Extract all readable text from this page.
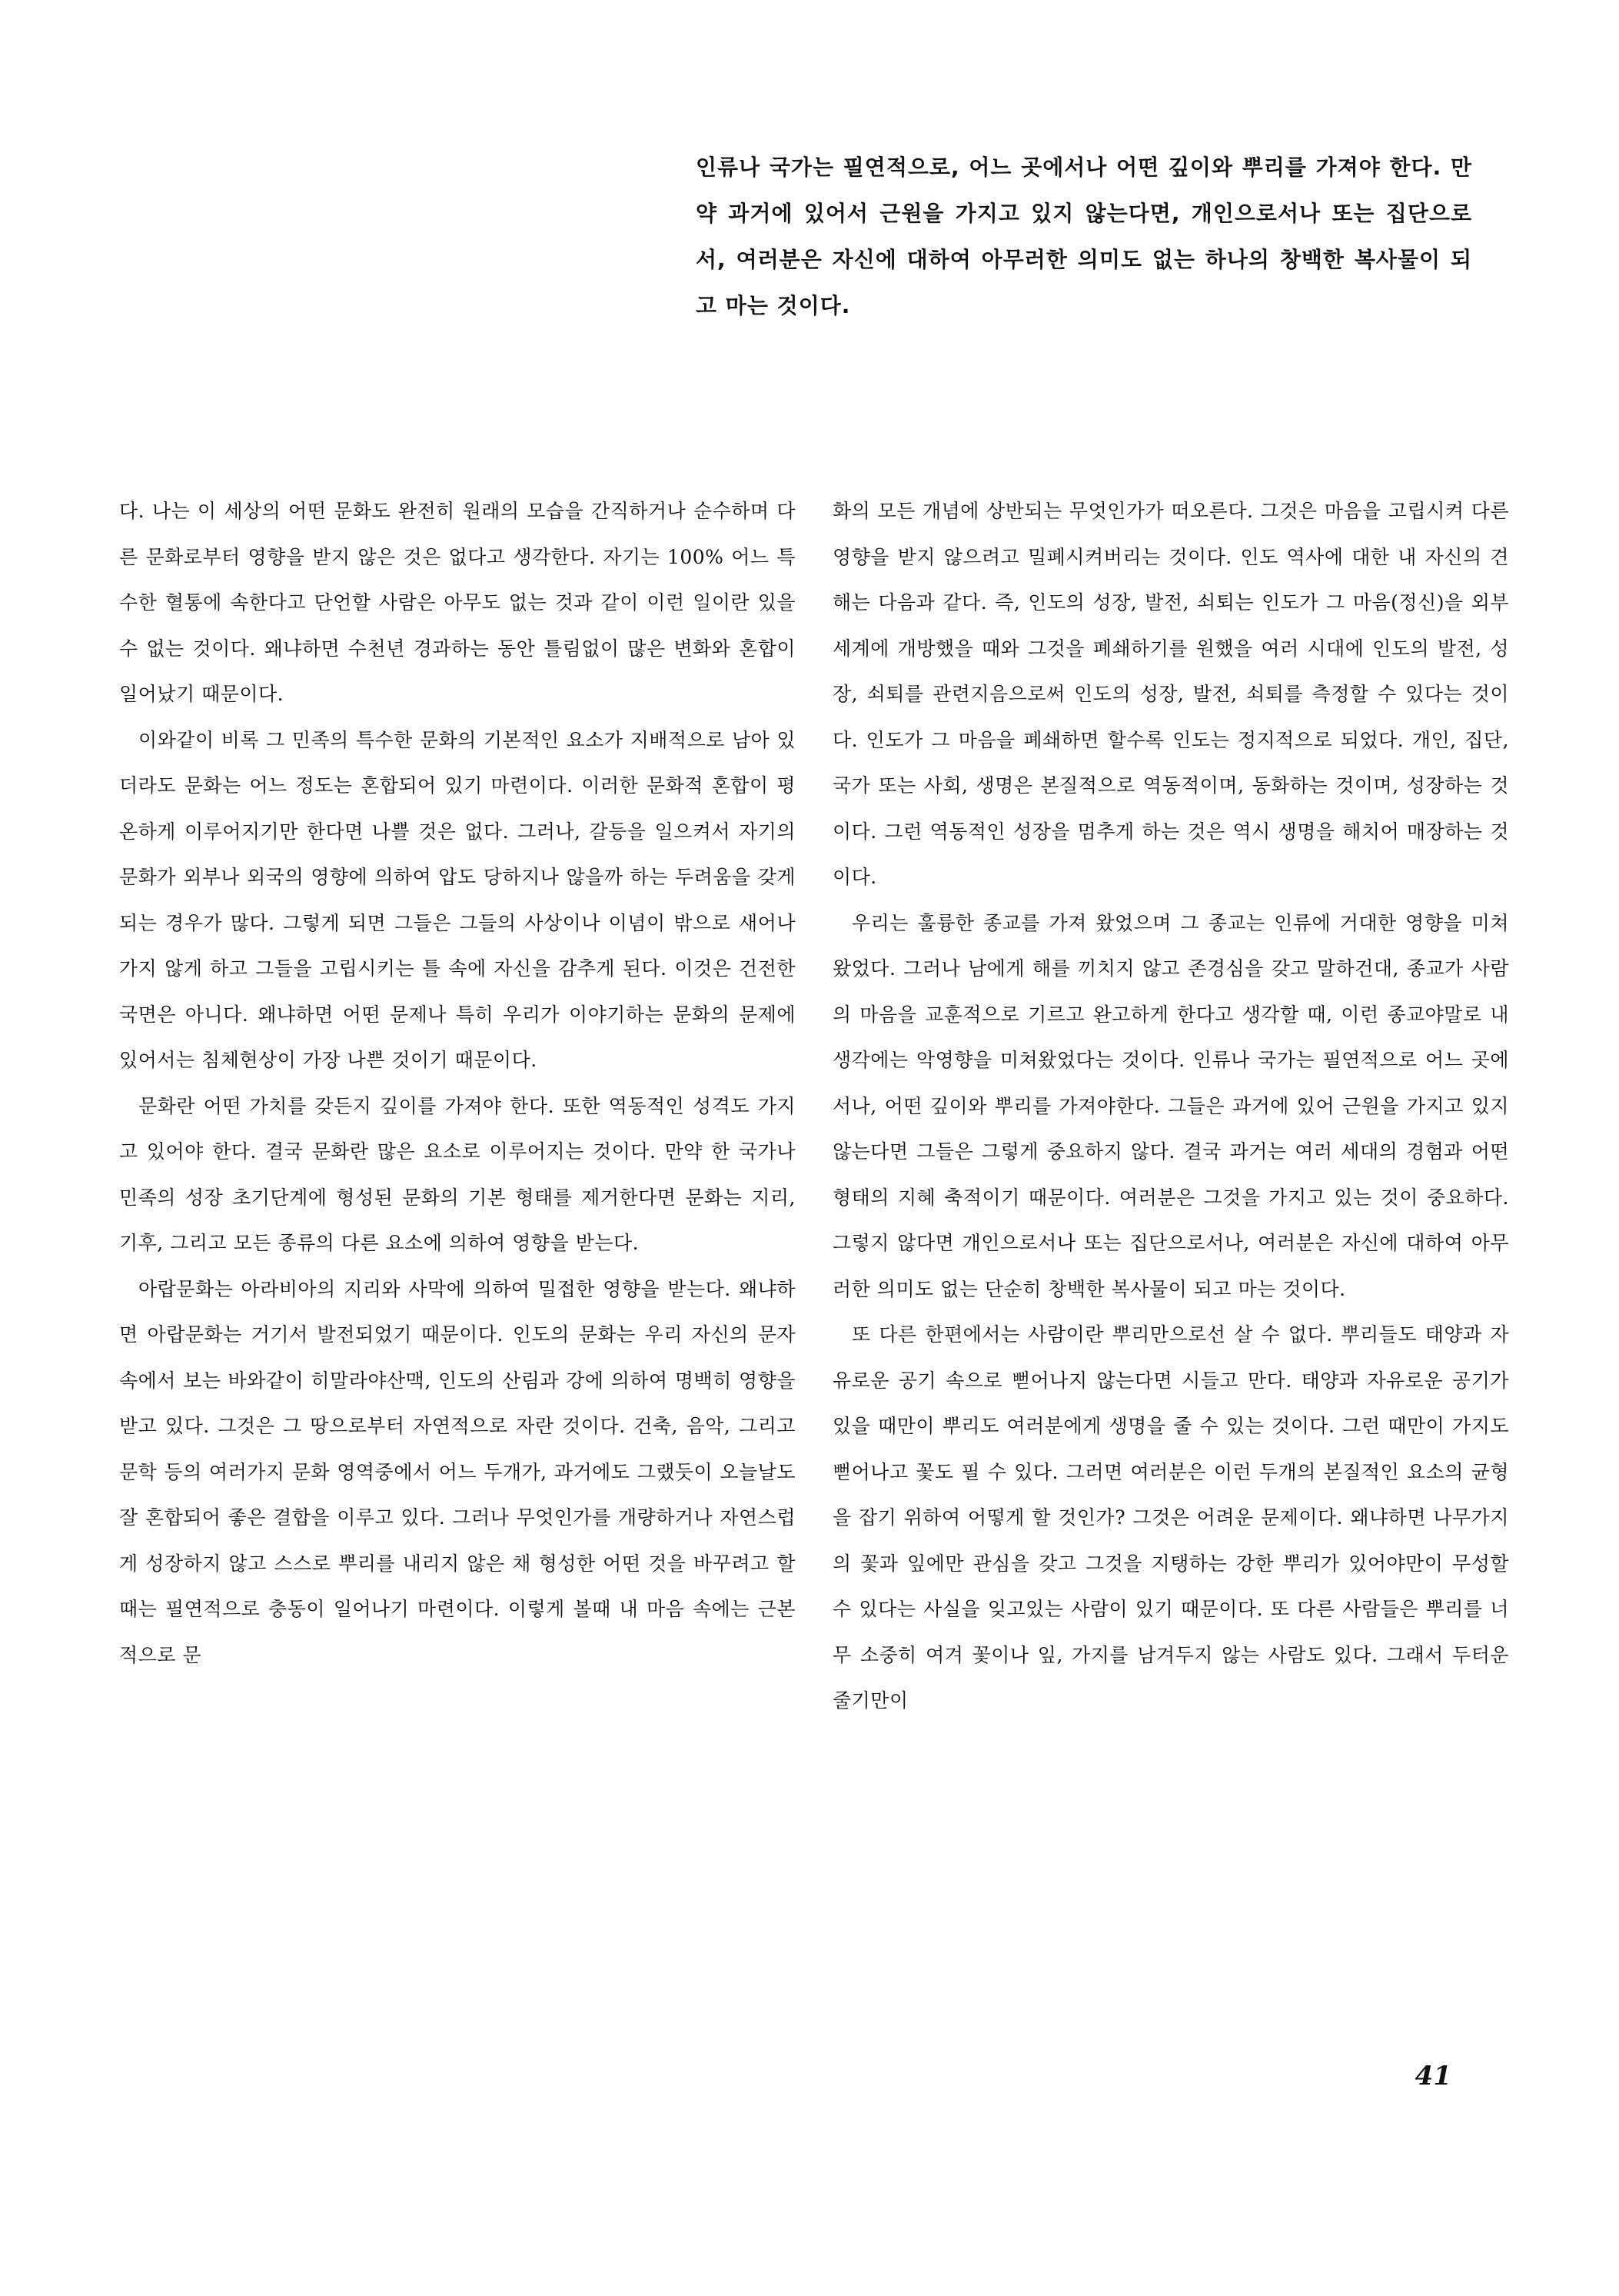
인류나 국가는 필연적으로, 어느 곳에서나 어떤 깊이와 뿌리를 가져야 한다. 만약 과거에 있어서 근원을 가지고 있지 않는다면, 개인으로서나 또는 집단으로서, 여러분은 자신에 대하여 아무러한 의미도 없는 하나의 창백한 복사물이 되고 마는 것이다.

다. 나는 이 세상의 어떤 문화도 완전히 원래의 모습을 간직하거나 순수하며 다른 문화로부터 영향을 받지 않은 것은 없다고 생각한다. 자기는 100% 어느 특수한 혈통에 속한다고 단언할 사람은 아무도 없는 것과 같이 이런 일이란 있을 수 없는 것이다. 왜냐하면 수천년 경과하는 동안 틀림없이 많은 변화와 혼합이 일어났기 때문이다.

이와같이 비록 그 민족의 특수한 문화의 기본적인 요소가 지배적으로 남아 있더라도 문화는 어느 정도는 혼합되어 있기 마련이다. 이러한 문화적 혼합이 평온하게 이루어지기만 한다면 나쁠 것은 없다. 그러나, 갈등을 일으켜서 자기의 문화가 외부나 외국의 영향에 의하여 압도 당하지나 않을까 하는 두려움을 갖게되는 경우가 많다. 그렇게 되면 그들은 그들의 사상이나 이념이 밖으로 새어나가지 않게 하고 그들을 고립시키는 틀 속에 자신을 감추게 된다. 이것은 건전한 국면은 아니다. 왜냐하면 어떤 문제나 특히 우리가 이야기하는 문화의 문제에 있어서는 침체현상이 가장 나쁜 것이기 때문이다.

문화란 어떤 가치를 갖든지 깊이를 가져야 한다. 또한 역동적인 성격도 가지고 있어야 한다. 결국 문화란 많은 요소로 이루어지는 것이다. 만약 한 국가나 민족의 성장 초기단계에 형성된 문화의 기본 형태를 제거한다면 문화는 지리, 기후, 그리고 모든 종류의 다른 요소에 의하여 영향을 받는다.

아랍문화는 아라비아의 지리와 사막에 의하여 밀접한 영향을 받는다. 왜냐하면 아랍문화는 거기서 발전되었기 때문이다. 인도의 문화는 우리 자신의 문자 속에서 보는 바와같이 히말라야산맥, 인도의 산림과 강에 의하여 명백히 영향을 받고 있다. 그것은 그 땅으로부터 자연적으로 자란 것이다. 건축, 음악, 그리고 문학 등의 여러가지 문화 영역중에서 어느 두개가, 과거에도 그랬듯이 오늘날도 잘 혼합되어 좋은 결합을 이루고 있다. 그러나 무엇인가를 개량하거나 자연스럽게 성장하지 않고 스스로 뿌리를 내리지 않은 채 형성한 어떤 것을 바꾸려고 할 때는 필연적으로 충동이 일어나기 마련이다. 이렇게 볼때 내 마음 속에는 근본적으로 문

화의 모든 개념에 상반되는 무엇인가가 떠오른다. 그것은 마음을 고립시켜 다른 영향을 받지 않으려고 밀폐시켜버리는 것이다. 인도 역사에 대한 내 자신의 견해는 다음과 같다. 즉, 인도의 성장, 발전, 쇠퇴는 인도가 그 마음(정신)을 외부세계에 개방했을 때와 그것을 폐쇄하기를 원했을 여러 시대에 인도의 발전, 성장, 쇠퇴를 관련지음으로써 인도의 성장, 발전, 쇠퇴를 측정할 수 있다는 것이다. 인도가 그 마음을 폐쇄하면 할수록 인도는 정지적으로 되었다. 개인, 집단, 국가 또는 사회, 생명은 본질적으로 역동적이며, 동화하는 것이며, 성장하는 것이다. 그런 역동적인 성장을 멈추게 하는 것은 역시 생명을 해치어 매장하는 것이다.

우리는 훌륭한 종교를 가져 왔었으며 그 종교는 인류에 거대한 영향을 미쳐 왔었다. 그러나 남에게 해를 끼치지 않고 존경심을 갖고 말하건대, 종교가 사람의 마음을 교훈적으로 기르고 완고하게 한다고 생각할 때, 이런 종교야말로 내 생각에는 악영향을 미쳐왔었다는 것이다. 인류나 국가는 필연적으로 어느 곳에서나, 어떤 깊이와 뿌리를 가져야한다. 그들은 과거에 있어 근원을 가지고 있지 않는다면 그들은 그렇게 중요하지 않다. 결국 과거는 여러 세대의 경험과 어떤 형태의 지혜 축적이기 때문이다. 여러분은 그것을 가지고 있는 것이 중요하다. 그렇지 않다면 개인으로서나 또는 집단으로서나, 여러분은 자신에 대하여 아무러한 의미도 없는 단순히 창백한 복사물이 되고 마는 것이다.

또 다른 한편에서는 사람이란 뿌리만으로선 살 수 없다. 뿌리들도 태양과 자유로운 공기 속으로 뻗어나지 않는다면 시들고 만다. 태양과 자유로운 공기가 있을 때만이 뿌리도 여러분에게 생명을 줄 수 있는 것이다. 그런 때만이 가지도 뻗어나고 꽃도 필 수 있다. 그러면 여러분은 이런 두개의 본질적인 요소의 균형을 잡기 위하여 어떻게 할 것인가? 그것은 어려운 문제이다. 왜냐하면 나무가지의 꽃과 잎에만 관심을 갖고 그것을 지탱하는 강한 뿌리가 있어야만이 무성할 수 있다는 사실을 잊고있는 사람이 있기 때문이다. 또 다른 사람들은 뿌리를 너무 소중히 여겨 꽃이나 잎, 가지를 남겨두지 않는 사람도 있다. 그래서 두터운 줄기만이

41
